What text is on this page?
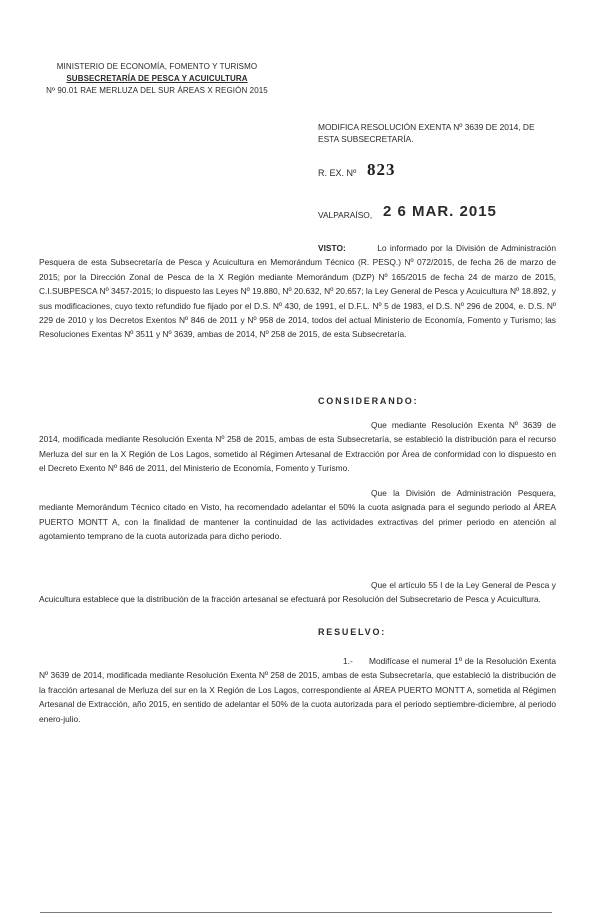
MINISTERIO DE ECONOMÍA, FOMENTO Y TURISMO
SUBSECRETARÍA DE PESCA Y ACUICULTURA
Nº 90.01 RAE MERLUZA DEL SUR ÁREAS X REGIÓN 2015
MODIFICA RESOLUCIÓN EXENTA Nº 3639 DE 2014, DE ESTA SUBSECRETARÍA.
R. EX. Nº 823
VALPARAÍSO, 2 6 MAR. 2015
VISTO:	Lo informado por la División de Administración Pesquera de esta Subsecretaría de Pesca y Acuicultura en Memorándum Técnico (R. PESQ.) Nº 072/2015, de fecha 26 de marzo de 2015; por la Dirección Zonal de Pesca de la X Región mediante Memorándum (DZP) Nº 165/2015 de fecha 24 de marzo de 2015, C.I.SUBPESCA Nº 3457-2015; lo dispuesto las Leyes Nº 19.880, Nº 20.632, Nº 20.657; la Ley General de Pesca y Acuicultura Nº 18.892, y sus modificaciones, cuyo texto refundido fue fijado por el D.S. Nº 430, de 1991, el D.F.L. Nº 5 de 1983, el D.S. Nº 296 de 2004, e. D.S. Nº 229 de 2010 y los Decretos Exentos Nº 846 de 2011 y Nº 958 de 2014, todos del actual Ministerio de Economía, Fomento y Turismo; las Resoluciones Exentas Nº 3511 y Nº 3639, ambas de 2014, Nº 258 de 2015, de esta Subsecretaría.
CONSIDERANDO:
Que mediante Resolución Exenta Nº 3639 de 2014, modificada mediante Resolución Exenta Nº 258 de 2015, ambas de esta Subsecretaría, se estableció la distribución para el recurso Merluza del sur en la X Región de Los Lagos, sometido al Régimen Artesanal de Extracción por Área de conformidad con lo dispuesto en el Decreto Exento Nº 846 de 2011, del Ministerio de Economía, Fomento y Turismo.
Que la División de Administración Pesquera, mediante Memorándum Técnico citado en Visto, ha recomendado adelantar el 50% la cuota asignada para el segundo periodo al ÁREA PUERTO MONTT A, con la finalidad de mantener la continuidad de las actividades extractivas del primer periodo en atención al agotamiento temprano de la cuota autorizada para dicho periodo.
Que el artículo 55 I de la Ley General de Pesca y Acuicultura establece que la distribución de la fracción artesanal se efectuará por Resolución del Subsecretario de Pesca y Acuicultura.
RESUELVO:
1.-	Modifícase el numeral 1º de la Resolución Exenta Nº 3639 de 2014, modificada mediante Resolución Exenta Nº 258 de 2015, ambas de esta Subsecretaría, que estableció la distribución de la fracción artesanal de Merluza del sur en la X Región de Los Lagos, correspondiente al ÁREA PUERTO MONTT A, sometida al Régimen Artesanal de Extracción, año 2015, en sentido de adelantar el 50% de la cuota autorizada para el periodo septiembre-diciembre, al periodo enero-julio.
